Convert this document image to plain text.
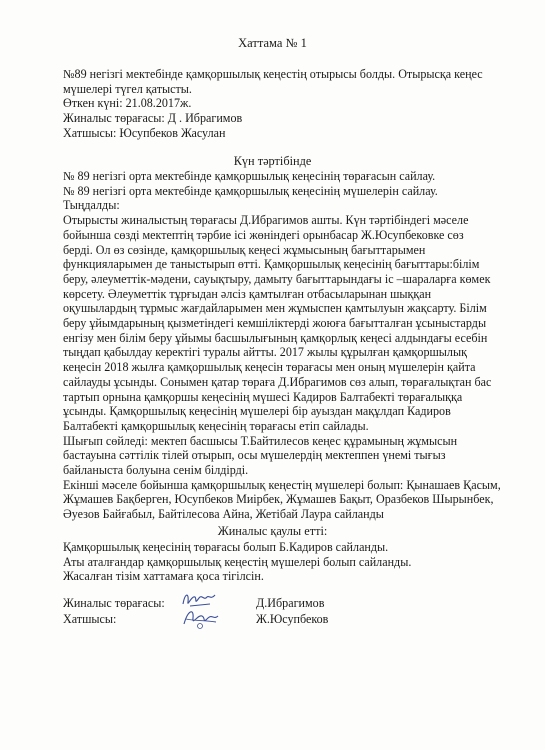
Хаттама № 1
№89 негізгі мектебінде қамқоршылық кеңестің отырысы болды. Отырысқа кеңес
мүшелері түгел қатысты.
Өткен күні: 21.08.2017ж.
Жиналыс төрағасы: Д . Ибрагимов
Хатшысы: Юсупбеков Жасулан
Күн тәртібінде
№ 89 негізгі орта мектебінде қамқоршылық кеңесінің төрағасын сайлау.
№ 89 негізгі орта мектебінде қамқоршылық кеңесінің мүшелерін сайлау.
Тыңдалды:
Отырысты жиналыстың төрағасы Д.Ибрагимов ашты. Күн тәртібіндегі мәселе
бойынша сөзді мектептің тәрбие ісі жөніндегі орынбасар Ж.Юсупбековке сөз
берді. Ол өз сөзінде, қамқоршылық кеңесі жұмысының бағыттарымен
функцияларымен де таныстырып өтті. Қамқоршылық кеңесінің бағыттары:білім
беру, әлеуметтік-мәдени, сауықтыру, дамыту бағыттарындағы іс –шараларға көмек
көрсету. Әлеуметтік тұрғыдан әлсіз қамтылған отбасыларынан шыққан
оқушылардың тұрмыс жағдайларымен мен жұмыспен қамтылуын жақсарту. Білім
беру ұйымдарының қызметіндегі кемшіліктерді жоюға бағытталған ұсыныстарды
енгізу мен білім беру ұйымы басшылығының қамқорлық кеңесі алдындағы есебін
тыңдап қабылдау керектігі туралы айтты. 2017 жылы құрылған қамқоршылық
кеңесін 2018 жылға қамқоршылық кеңесін төрағасы мен оның мүшелерін қайта
сайлауды ұсынды. Сонымен қатар төраға Д.Ибрагимов сөз алып, төрағалықтан бас
тартып орнына қамқоршы кеңесінің мүшесі Кадиров Балтабекті төрағалыққа
ұсынды. Қамқоршылық кеңесінің мүшелері бір ауыздан мақұлдап Кадиров
Балтабекті қамқоршылық кеңесінің төрағасы етіп сайлады.
Шығып сөйледі: мектеп басшысы Т.Байтилесов кеңес құрамының жұмысын
бастауына сәттілік тілей отырып, осы мүшелердің мектеппен үнемі тығыз
байланыста болуына сенім білдірді.
Екінші мәселе бойынша қамқоршылық кеңестің мүшелері болып: Қынашаев Қасым,
Жұмашев Бақберген, Юсупбеков Миірбек, Жұмашев Бақыт, Оразбеков Шырынбек,
Әуезов Байғабыл, Байтілесова Айна, Жетібай Лаура сайланды
Жиналыс қаулы етті:
Қамқоршылық кеңесінің төрағасы болып Б.Кадиров сайланды.
Аты аталғандар қамқоршылық кеңестің мүшелері болып сайланды.
Жасалған тізім хаттамаға қоса тігілсін.
Жиналыс төрағасы:	Д.Ибрагимов
Хатшысы:	Ж.Юсупбеков
